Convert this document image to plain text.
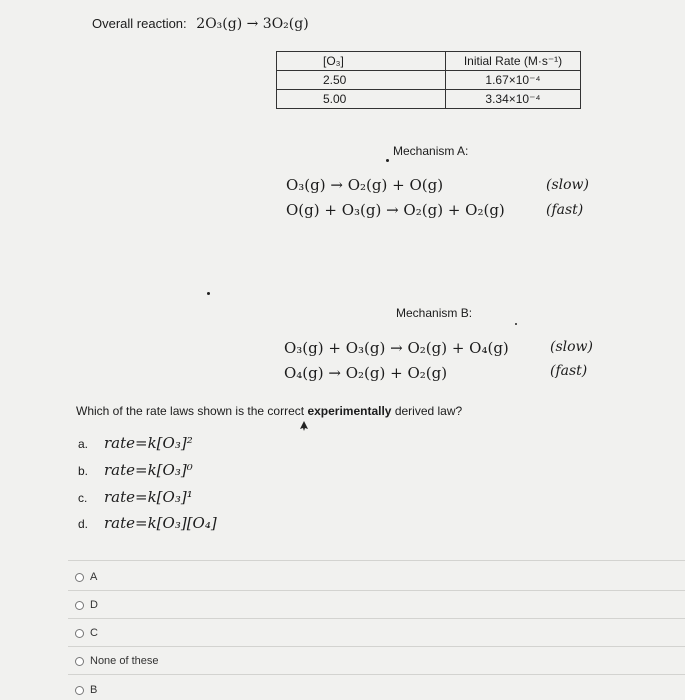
Overall reaction: 2O₃(g) → 3O₂(g)
[O₃]	Initial Rate (M·s⁻¹)
2.50	1.67×10⁻⁴
5.00	3.34×10⁻⁴
Mechanism A:
O₃(g) → O₂(g) + O(g)	(slow)
O(g) + O₃(g) → O₂(g) + O₂(g)	(fast)
Mechanism B:
O₃(g) + O₃(g) → O₂(g) + O₄(g)	(slow)
O₄(g) → O₂(g) + O₂(g)	(fast)
Which of the rate laws shown is the correct experimentally derived law?
a. rate=k[O₃]²
b. rate=k[O₃]⁰
c. rate=k[O₃]¹
d. rate=k[O₃][O₄]
A
D
C
None of these
B
